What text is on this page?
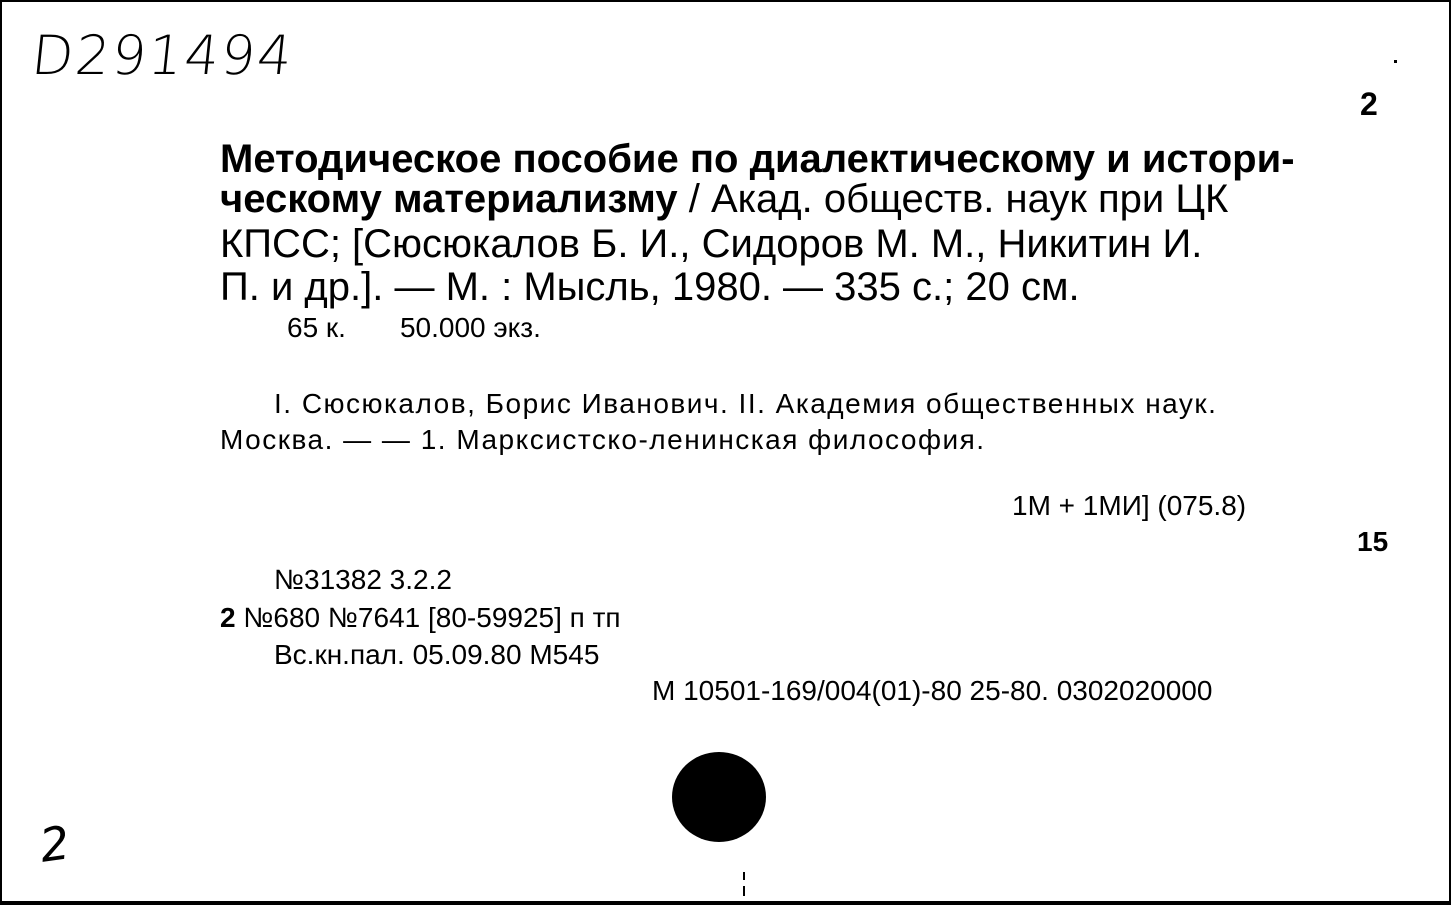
D291494
2
Методическое пособие по диалектическому и истори-
ческому материализму / Акад. обществ. наук при ЦК
КПСС; [Сюсюкалов Б. И., Сидоров М. М., Никитин И.
П. и др.]. — М. : Мысль, 1980. — 335 с.; 20 см.
65 к. 50.000 экз.
I. Сюсюкалов, Борис Иванович. II. Академия общественных наук.
Москва. — — 1. Марксистско-ленинская философия.
1М + 1МИ] (075.8)
15
№31382 3.2.2
2 №680 №7641 [80-59925] п тп
Вс.кн.пал. 05.09.80 М545
М 10501-169/004(01)-80 25-80. 0302020000
2
